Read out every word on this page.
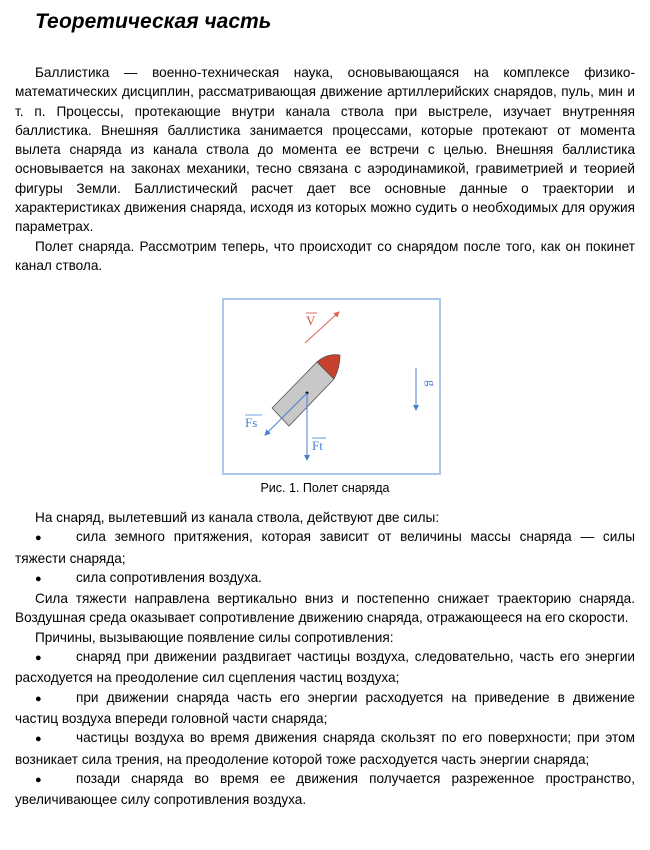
Теоретическая часть

Баллистика — военно-техническая наука, основывающаяся на комплексе физико-математических дисциплин, рассматривающая движение артиллерийских снарядов, пуль, мин и т. п. Процессы, протекающие внутри канала ствола при выстреле, изучает внутренняя баллистика. Внешняя баллистика занимается процессами, которые протекают от момента вылета снаряда из канала ствола до момента ее встречи с целью. Внешняя баллистика основывается на законах механики, тесно связана с аэродинамикой, гравиметрией и теорией фигуры Земли. Баллистический расчет дает все основные данные о траектории и характеристиках движения снаряда, исходя из которых можно судить о необходимых для оружия параметрах.

Полет снаряда. Рассмотрим теперь, что происходит со снарядом после того, как он покинет канал ствола.

V
Fs
Ft
g
Рис. 1. Полет снаряда

На снаряд, вылетевший из канала ствола, действуют две силы:

●	сила земного притяжения, которая зависит от величины массы снаряда — силы тяжести снаряда;

●	сила сопротивления воздуха.

Сила тяжести направлена вертикально вниз и постепенно снижает траекторию снаряда. Воздушная среда оказывает сопротивление движению снаряда, отражающееся на его скорости.

Причины, вызывающие появление силы сопротивления:

●	снаряд при движении раздвигает частицы воздуха, следовательно, часть его энергии расходуется на преодоление сил сцепления частиц воздуха;

●	при движении снаряда часть его энергии расходуется на приведение в движение частиц воздуха впереди головной части снаряда;

●	частицы воздуха во время движения снаряда скользят по его поверхности; при этом возникает сила трения, на преодоление которой тоже расходуется часть энергии снаряда;

●	позади снаряда во время ее движения получается разреженное пространство, увеличивающее силу сопротивления воздуха.
